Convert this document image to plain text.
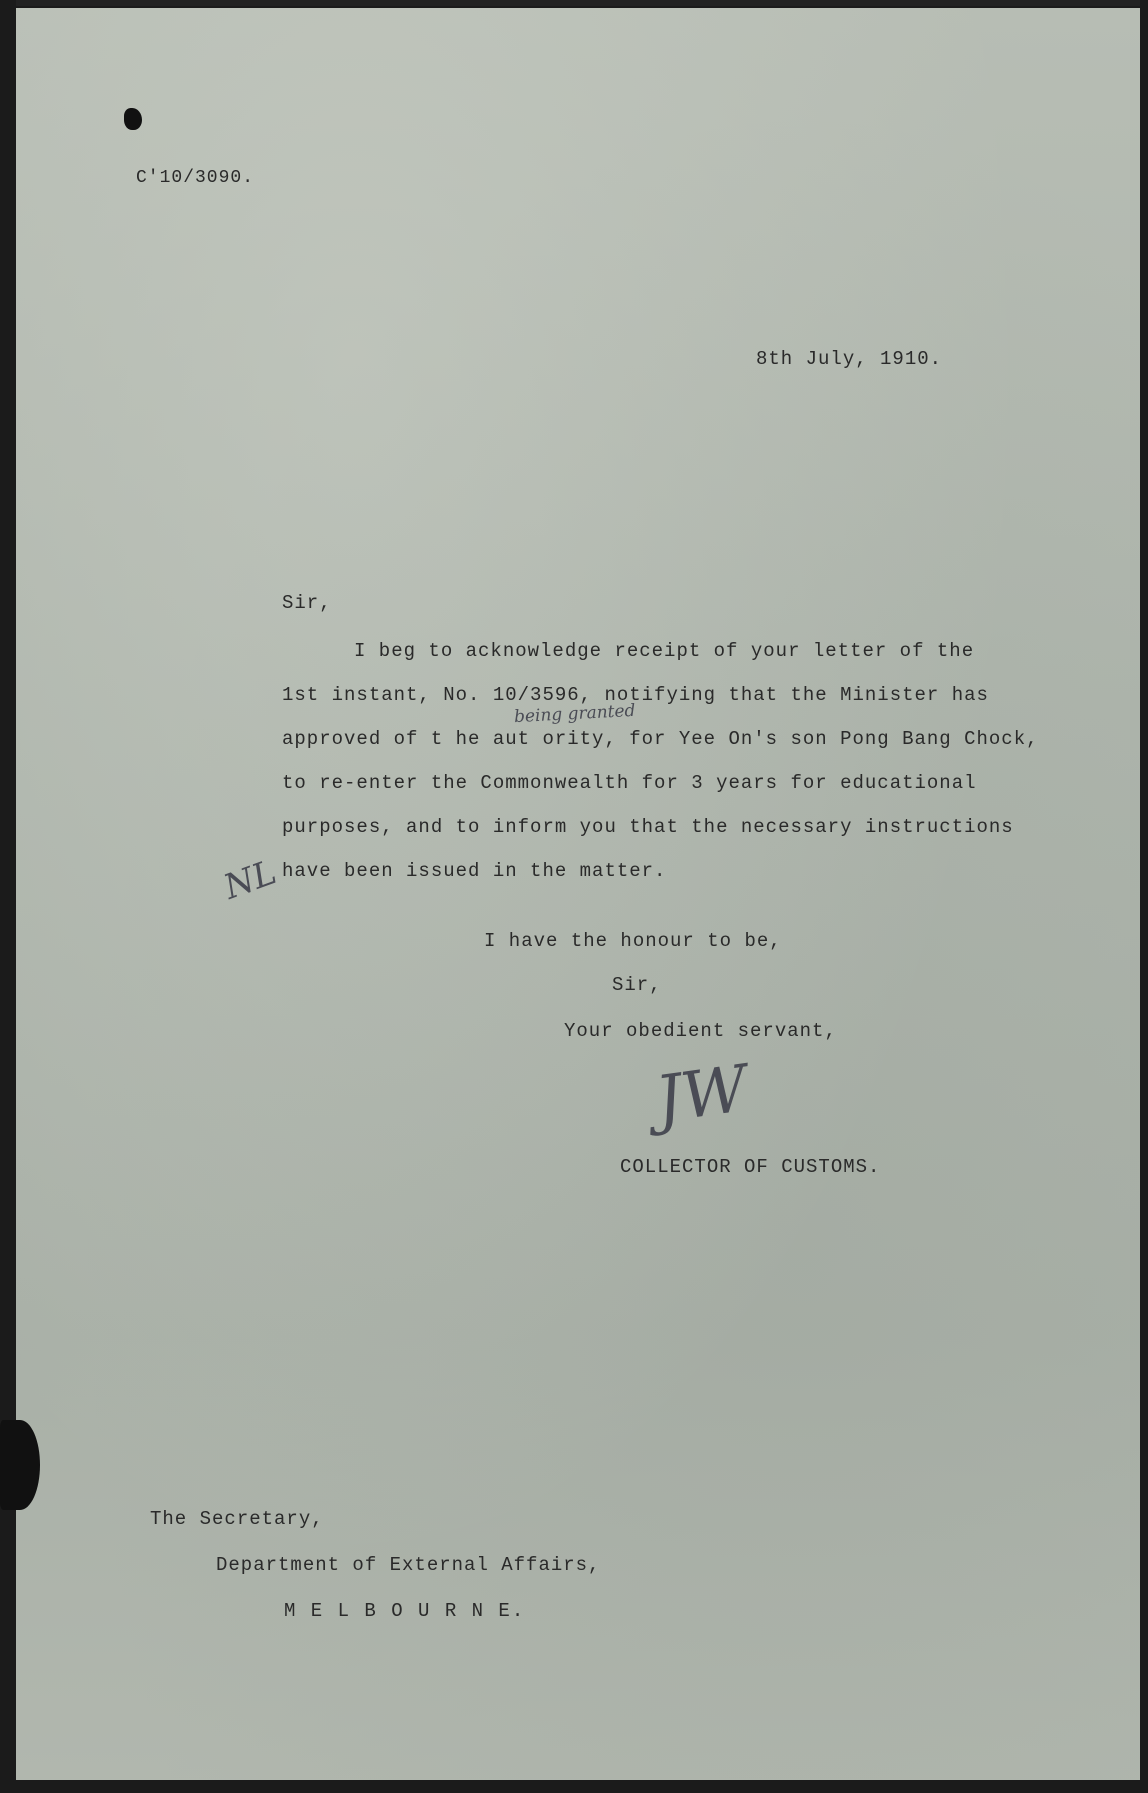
C'10/3090.
8th July, 1910.
Sir,
I beg to acknowledge receipt of your letter of the
1st instant, No. 10/3596, notifying that the Minister has
being granted
approved of t he aut ority, for Yee On's son Pong Bang Chock,
to re-enter the Commonwealth for 3 years for educational
purposes, and to inform you that the necessary instructions
NL have been issued in the matter.
I have the honour to be,
Sir,
Your obedient servant,
JW
COLLECTOR OF CUSTOMS.
The Secretary,
Department of External Affairs,
M E L B O U R N E.
